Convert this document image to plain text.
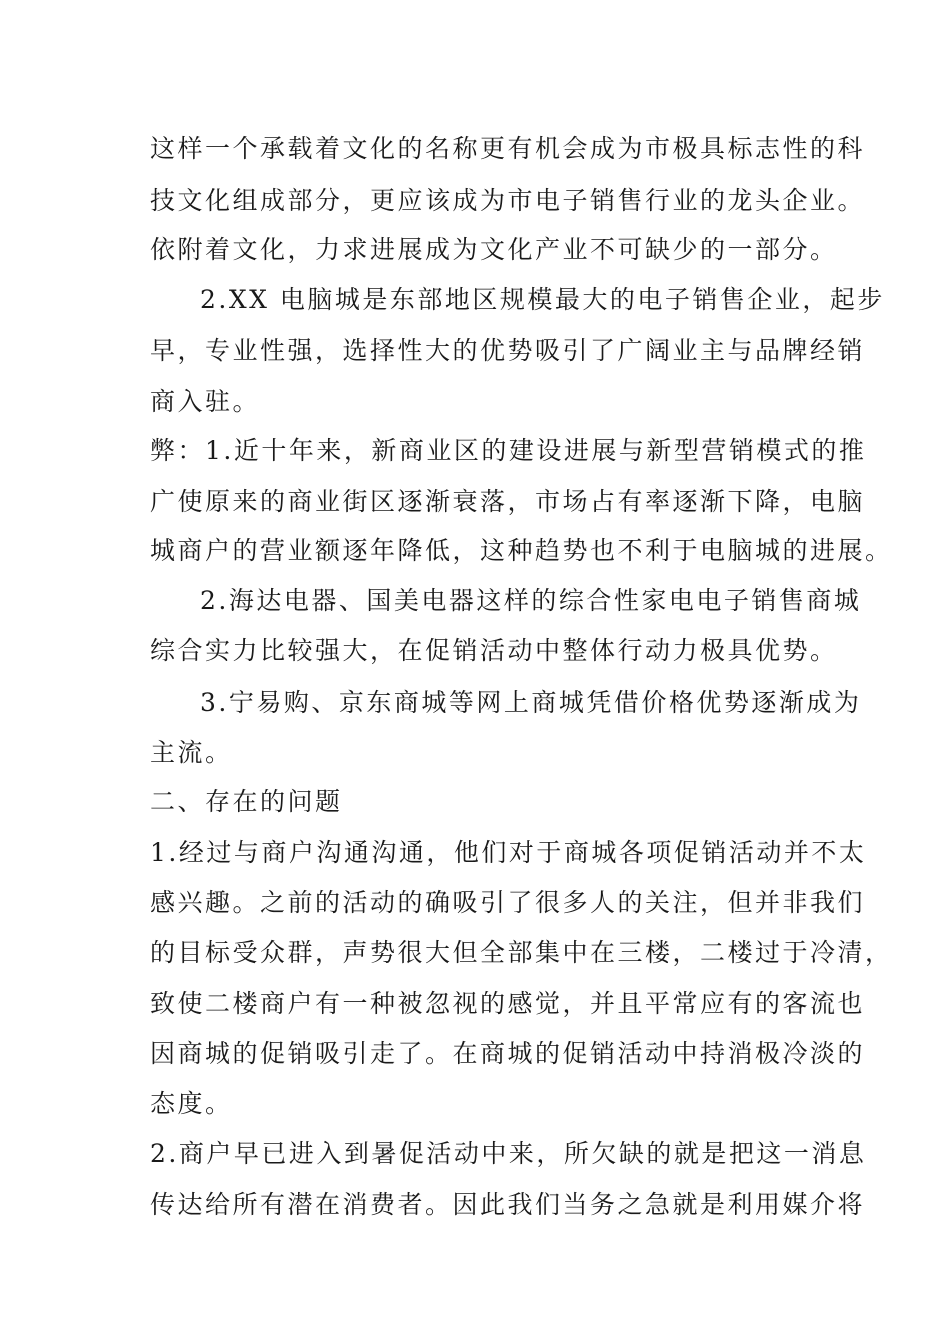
这样一个承载着文化的名称更有机会成为市极具标志性的科
技文化组成部分，更应该成为市电子销售行业的龙头企业。
依附着文化，力求进展成为文化产业不可缺少的一部分。
2.XX 电脑城是东部地区规模最大的电子销售企业，起步
早，专业性强，选择性大的优势吸引了广阔业主与品牌经销
商入驻。
弊：1.近十年来，新商业区的建设进展与新型营销模式的推
广使原来的商业街区逐渐衰落，市场占有率逐渐下降，电脑
城商户的营业额逐年降低，这种趋势也不利于电脑城的进展。
2.海达电器、国美电器这样的综合性家电电子销售商城
综合实力比较强大，在促销活动中整体行动力极具优势。
3.宁易购、京东商城等网上商城凭借价格优势逐渐成为
主流。
二、存在的问题
1.经过与商户沟通沟通，他们对于商城各项促销活动并不太
感兴趣。之前的活动的确吸引了很多人的关注，但并非我们
的目标受众群，声势很大但全部集中在三楼，二楼过于冷清，
致使二楼商户有一种被忽视的感觉，并且平常应有的客流也
因商城的促销吸引走了。在商城的促销活动中持消极冷淡的
态度。
2.商户早已进入到暑促活动中来，所欠缺的就是把这一消息
传达给所有潜在消费者。因此我们当务之急就是利用媒介将
